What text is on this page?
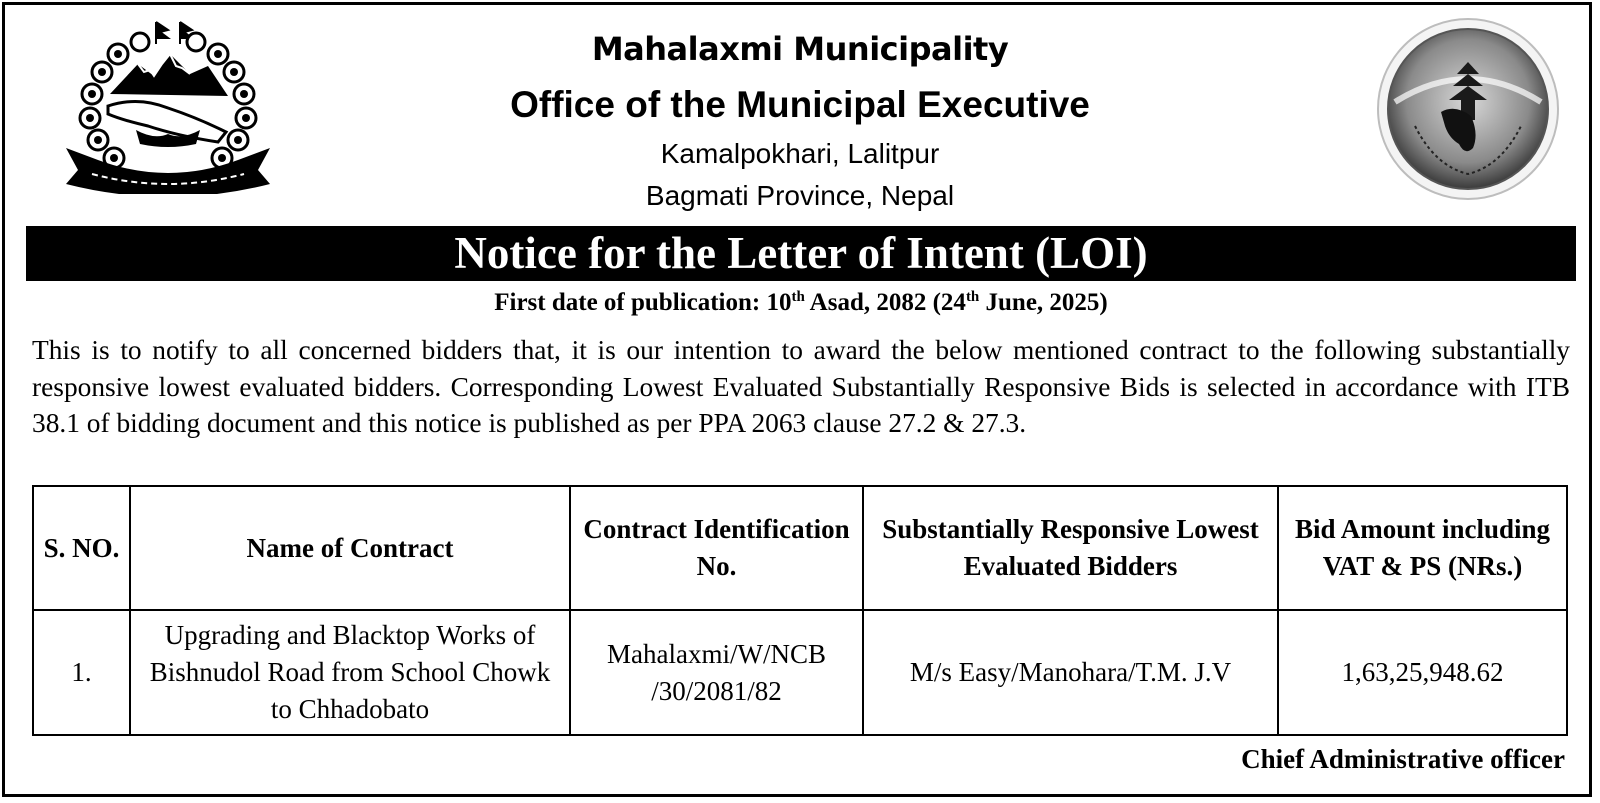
Mahalaxmi Municipality
Office of the Municipal Executive
Kamalpokhari, Lalitpur
Bagmati Province, Nepal
Notice for the Letter of Intent (LOI)
First date of publication: 10th Asad, 2082 (24th June, 2025)
This is to notify to all concerned bidders that, it is our intention to award the below mentioned contract to the following substantially responsive lowest evaluated bidders. Corresponding Lowest Evaluated Substantially Responsive Bids is selected in accordance with ITB 38.1 of bidding document and this notice is published as per PPA 2063 clause 27.2 & 27.3.
S. NO.	Name of Contract	Contract Identification No.	Substantially Responsive Lowest Evaluated Bidders	Bid Amount including VAT & PS (NRs.)
1.	Upgrading and Blacktop Works of Bishnudol Road from School Chowk to Chhadobato	Mahalaxmi/W/NCB /30/2081/82	M/s Easy/Manohara/T.M. J.V	1,63,25,948.62
Chief Administrative officer
